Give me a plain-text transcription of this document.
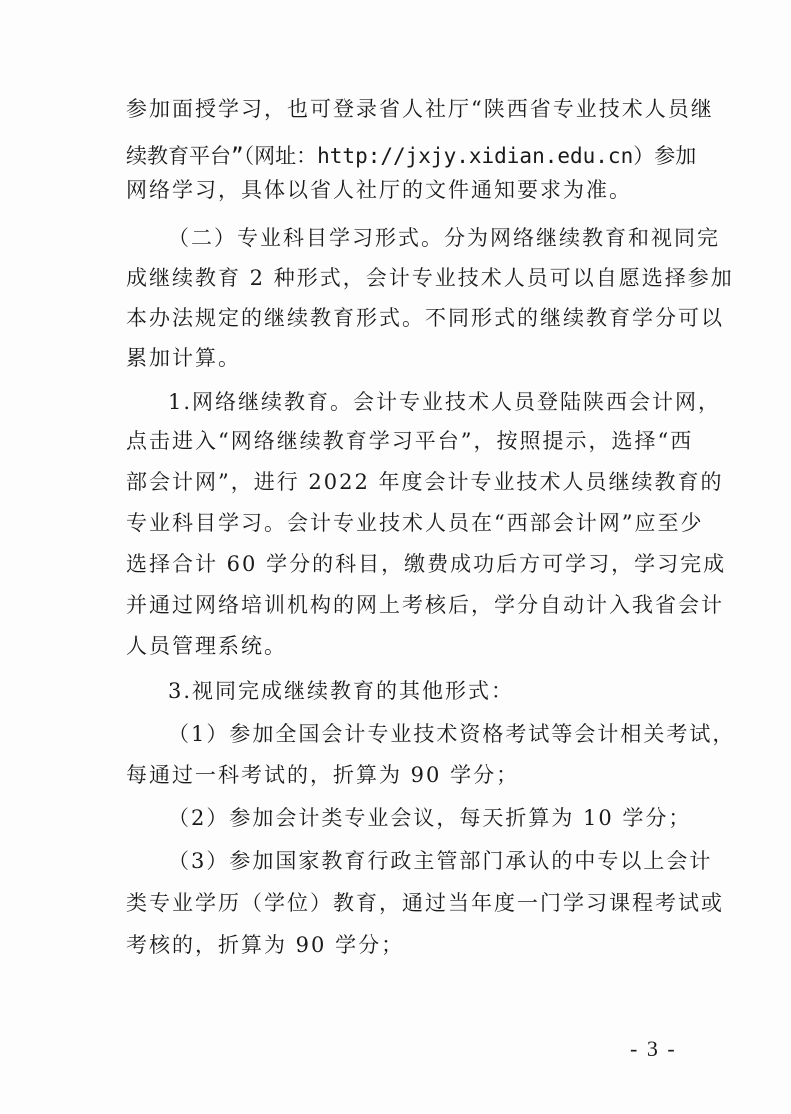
参加面授学习，也可登录省人社厅“陕西省专业技术人员继
续教育平台”（网址：http://jxjy.xidian.edu.cn）参加
网络学习，具体以省人社厅的文件通知要求为准。
（二）专业科目学习形式。分为网络继续教育和视同完
成继续教育 2 种形式，会计专业技术人员可以自愿选择参加
本办法规定的继续教育形式。不同形式的继续教育学分可以
累加计算。
1.网络继续教育。会计专业技术人员登陆陕西会计网，
点击进入“网络继续教育学习平台”，按照提示，选择“西
部会计网”，进行 2022 年度会计专业技术人员继续教育的
专业科目学习。会计专业技术人员在“西部会计网”应至少
选择合计 60 学分的科目，缴费成功后方可学习，学习完成
并通过网络培训机构的网上考核后，学分自动计入我省会计
人员管理系统。
3.视同完成继续教育的其他形式：
（1）参加全国会计专业技术资格考试等会计相关考试，
每通过一科考试的，折算为 90 学分；
（2）参加会计类专业会议，每天折算为 10 学分；
（3）参加国家教育行政主管部门承认的中专以上会计
类专业学历（学位）教育，通过当年度一门学习课程考试或
考核的，折算为 90 学分；
- 3 -
